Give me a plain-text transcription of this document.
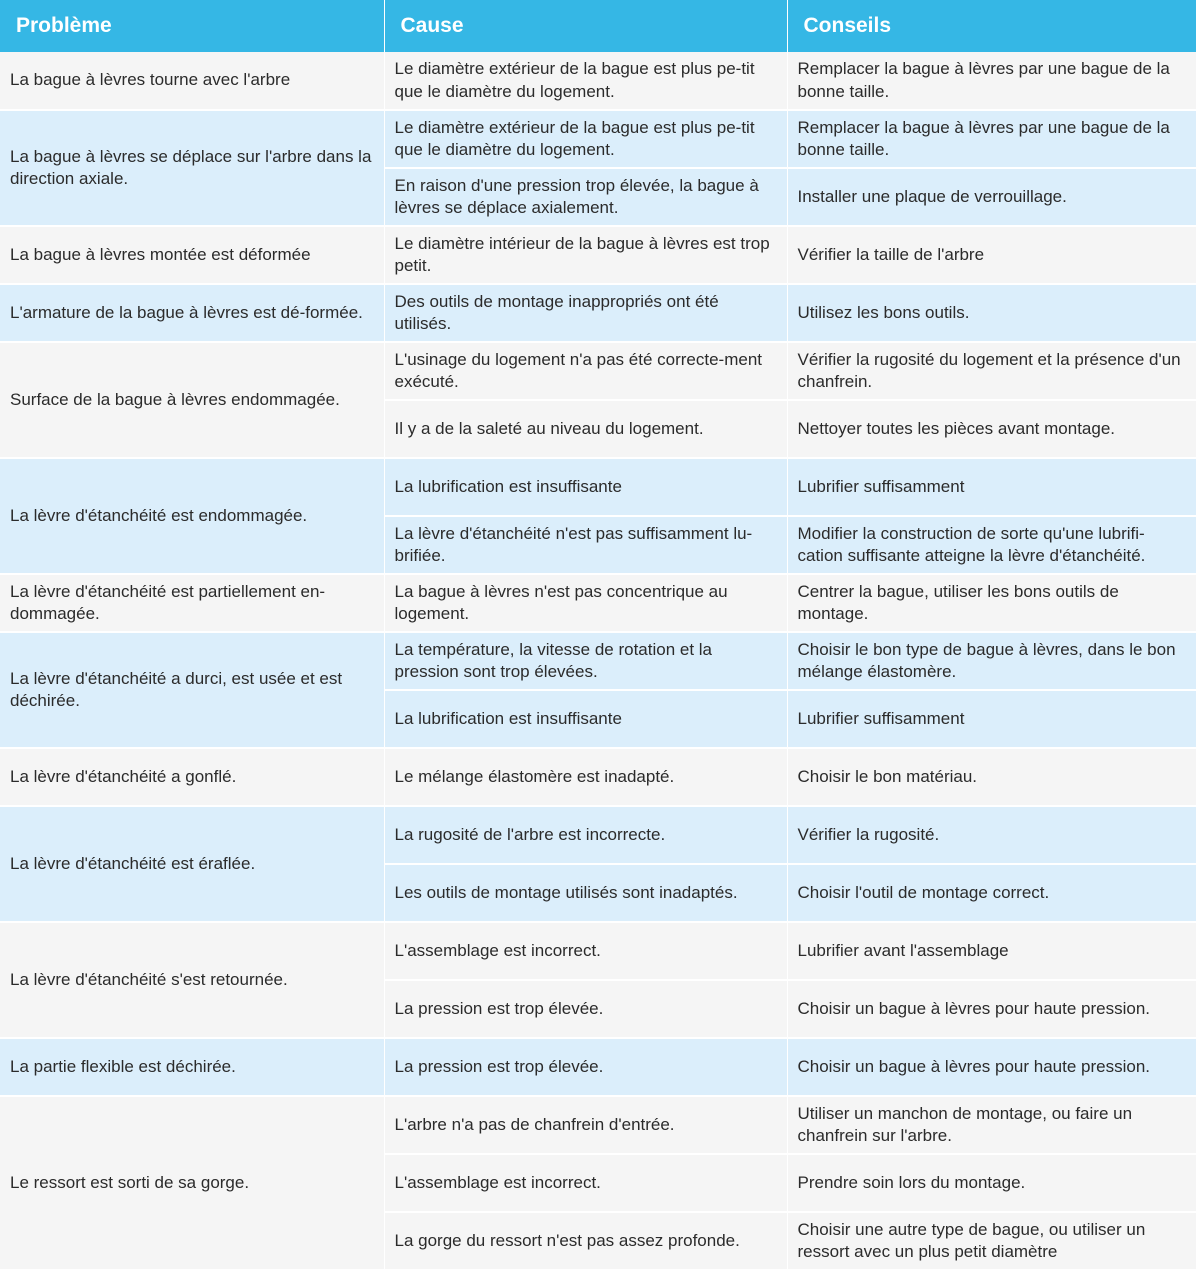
Problème	Cause	Conseils
La bague à lèvres tourne avec l'arbre	Le diamètre extérieur de la bague est plus pe-tit que le diamètre du logement.	Remplacer la bague à lèvres par une bague de la bonne taille.
La bague à lèvres se déplace sur l'arbre dans la direction axiale.	Le diamètre extérieur de la bague est plus pe-tit que le diamètre du logement.	Remplacer la bague à lèvres par une bague de la bonne taille.
	En raison d'une pression trop élevée, la bague à lèvres se déplace axialement.	Installer une plaque de verrouillage.
La bague à lèvres montée est déformée	Le diamètre intérieur de la bague à lèvres est trop petit.	Vérifier la taille de l'arbre
L'armature de la bague à lèvres est dé-formée.	Des outils de montage inappropriés ont été utilisés.	Utilisez les bons outils.
Surface de la bague à lèvres endommagée.	L'usinage du logement n'a pas été correcte-ment exécuté.	Vérifier la rugosité du logement et la présence d'un chanfrein.
	Il y a de la saleté au niveau du logement.	Nettoyer toutes les pièces avant montage.
La lèvre d'étanchéité est endommagée.	La lubrification est insuffisante	Lubrifier suffisamment
	La lèvre d'étanchéité n'est pas suffisamment lu-brifiée.	Modifier la construction de sorte qu'une lubrifi-cation suffisante atteigne la lèvre d'étanchéité.
La lèvre d'étanchéité est partiellement en-dommagée.	La bague à lèvres n'est pas concentrique au logement.	Centrer la bague, utiliser les bons outils de montage.
La lèvre d'étanchéité a durci, est usée et est déchirée.	La température, la vitesse de rotation et la pression sont trop élevées.	Choisir le bon type de bague à lèvres, dans le bon mélange élastomère.
	La lubrification est insuffisante	Lubrifier suffisamment
La lèvre d'étanchéité a gonflé.	Le mélange élastomère est inadapté.	Choisir le bon matériau.
La lèvre d'étanchéité est éraflée.	La rugosité de l'arbre est incorrecte.	Vérifier la rugosité.
	Les outils de montage utilisés sont inadaptés.	Choisir l'outil de montage correct.
La lèvre d'étanchéité s'est retournée.	L'assemblage est incorrect.	Lubrifier avant l'assemblage
	La pression est trop élevée.	Choisir un bague à lèvres pour haute pression.
La partie flexible est déchirée.	La pression est trop élevée.	Choisir un bague à lèvres pour haute pression.
Le ressort est sorti de sa gorge.	L'arbre n'a pas de chanfrein d'entrée.	Utiliser un manchon de montage, ou faire un chanfrein sur l'arbre.
	L'assemblage est incorrect.	Prendre soin lors du montage.
	La gorge du ressort n'est pas assez profonde.	Choisir une autre type de bague, ou utiliser un ressort avec un plus petit diamètre
